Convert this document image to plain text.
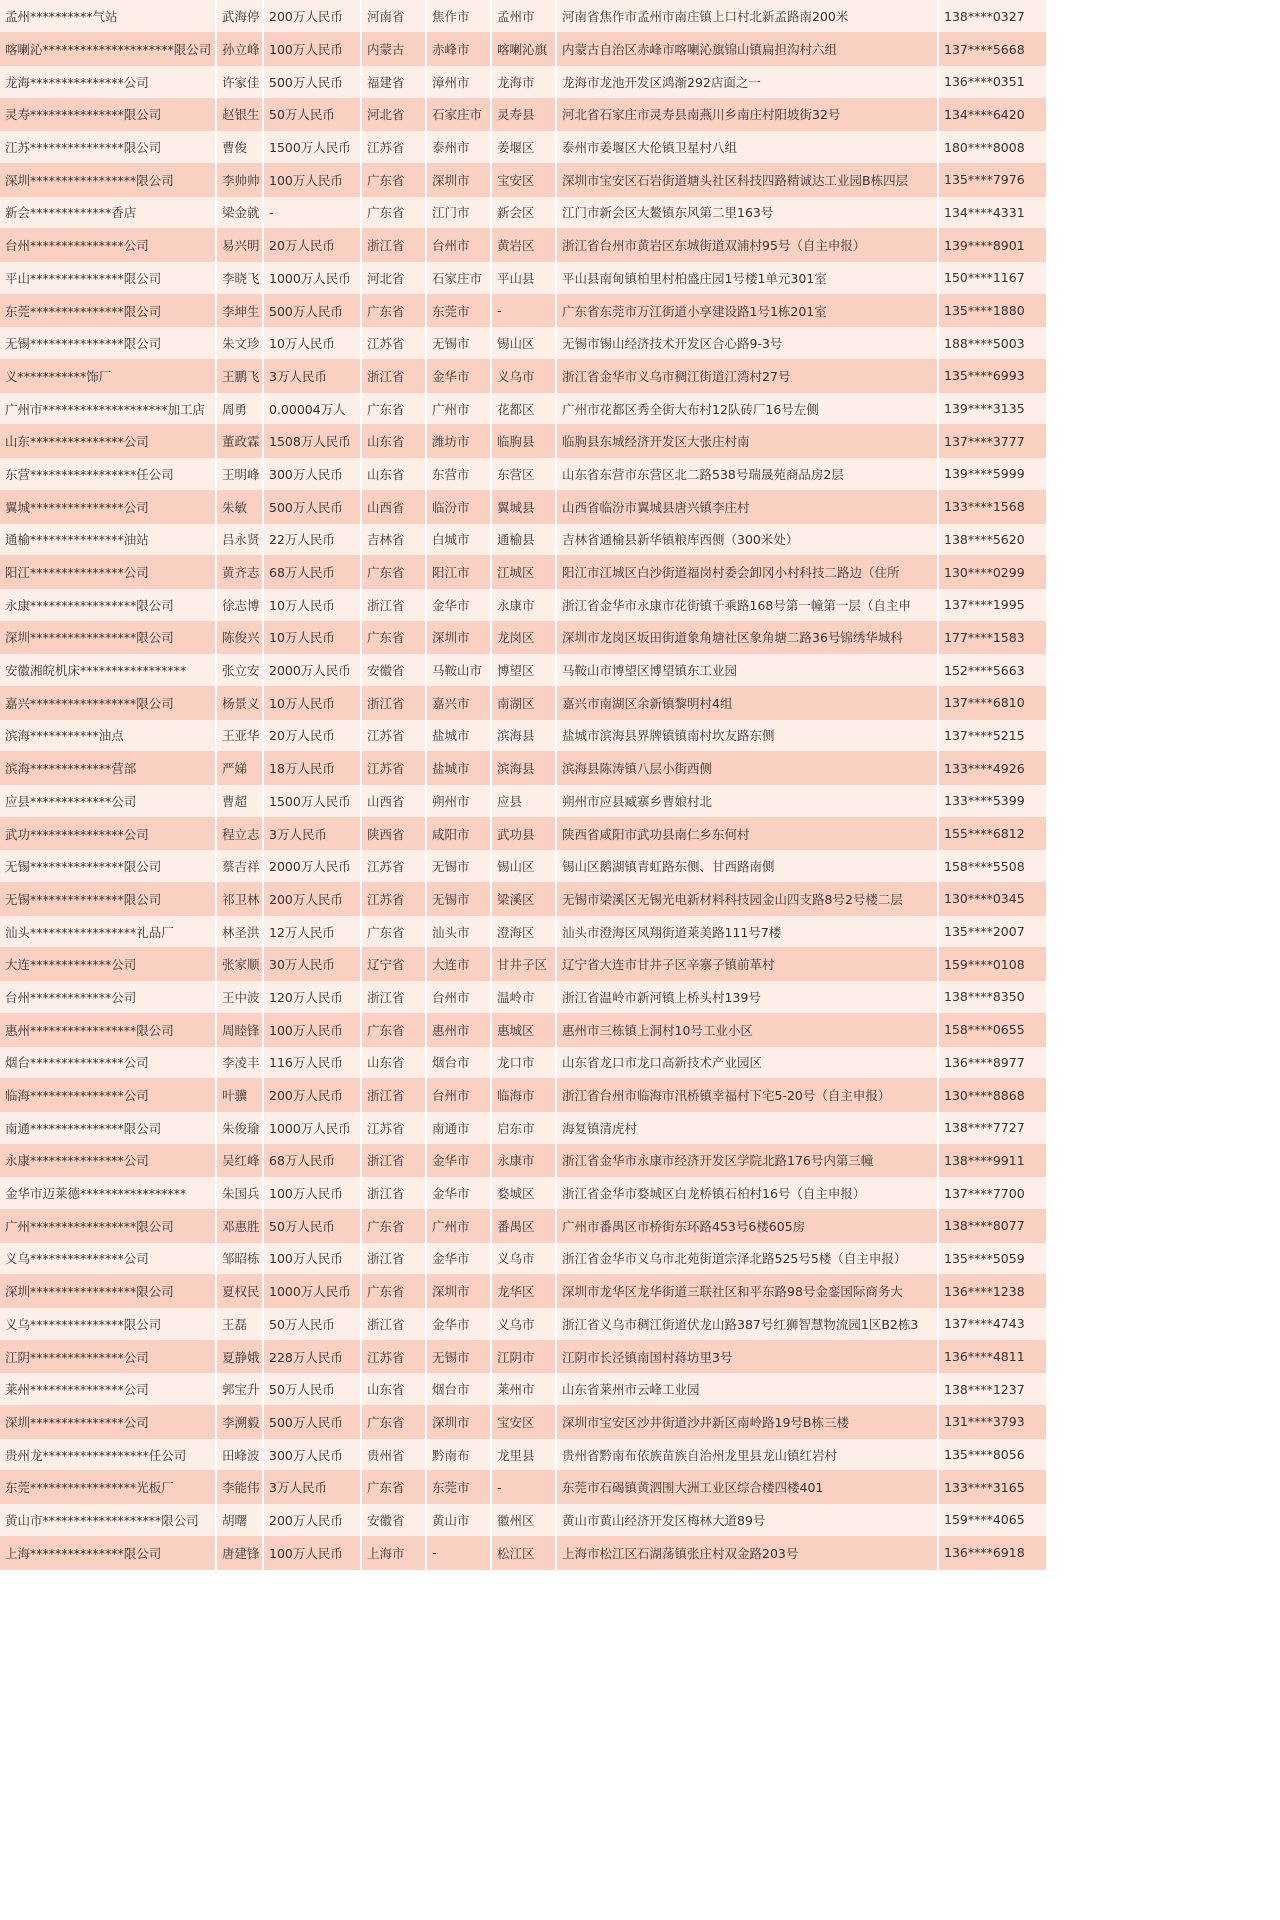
孟州**********气站	武海停	200万人民币	河南省	焦作市	孟州市	河南省焦作市孟州市南庄镇上口村北新孟路南200米	138****0327
喀喇沁*********************限公司	孙立峰	100万人民币	内蒙古	赤峰市	喀喇沁旗	内蒙古自治区赤峰市喀喇沁旗锦山镇扁担沟村六组	137****5668
龙海***************公司	许家佳	500万人民币	福建省	漳州市	龙海市	龙海市龙池开发区鸿渐292店面之一	136****0351
灵寿***************限公司	赵银生	50万人民币	河北省	石家庄市	灵寿县	河北省石家庄市灵寿县南燕川乡南庄村阳坡街32号	134****6420
江苏***************限公司	曹俊	1500万人民币	江苏省	泰州市	姜堰区	泰州市姜堰区大伦镇卫星村八组	180****8008
深圳*****************限公司	李帅帅	100万人民币	广东省	深圳市	宝安区	深圳市宝安区石岩街道塘头社区科技四路精诚达工业园B栋四层	135****7976
新会*************香店	梁金就	-	广东省	江门市	新会区	江门市新会区大鳌镇东风第二里163号	134****4331
台州***************公司	易兴明	20万人民币	浙江省	台州市	黄岩区	浙江省台州市黄岩区东城街道双浦村95号（自主申报）	139****8901
平山***************限公司	李晓飞	1000万人民币	河北省	石家庄市	平山县	平山县南甸镇柏里村柏盛庄园1号楼1单元301室	150****1167
东莞***************限公司	李坤生	500万人民币	广东省	东莞市	-	广东省东莞市万江街道小享建设路1号1栋201室	135****1880
无锡***************限公司	朱文珍	10万人民币	江苏省	无锡市	锡山区	无锡市锡山经济技术开发区合心路9-3号	188****5003
义***********饰厂	王鹏飞	3万人民币	浙江省	金华市	义乌市	浙江省金华市义乌市稠江街道江湾村27号	135****6993
广州市********************加工店	周勇	0.00004万人	广东省	广州市	花都区	广州市花都区秀全街大布村12队砖厂16号左侧	139****3135
山东***************公司	董政霖	1508万人民币	山东省	潍坊市	临朐县	临朐县东城经济开发区大张庄村南	137****3777
东营*****************任公司	王明峰	300万人民币	山东省	东营市	东营区	山东省东营市东营区北二路538号瑞晟苑商品房2层	139****5999
翼城***************公司	朱敏	500万人民币	山西省	临汾市	翼城县	山西省临汾市翼城县唐兴镇李庄村	133****1568
通榆***************油站	吕永贤	22万人民币	吉林省	白城市	通榆县	吉林省通榆县新华镇粮库西侧（300米处）	138****5620
阳江***************公司	黄齐志	68万人民币	广东省	阳江市	江城区	阳江市江城区白沙街道福岗村委会卸冈小村科技二路边（住所	130****0299
永康*****************限公司	徐志博	10万人民币	浙江省	金华市	永康市	浙江省金华市永康市花街镇千乘路168号第一幢第一层（自主申	137****1995
深圳*****************限公司	陈俊兴	10万人民币	广东省	深圳市	龙岗区	深圳市龙岗区坂田街道象角塘社区象角塘二路36号锦绣华城科	177****1583
安徽湘皖机床*****************	张立安	2000万人民币	安徽省	马鞍山市	博望区	马鞍山市博望区博望镇东工业园	152****5663
嘉兴*****************限公司	杨景义	10万人民币	浙江省	嘉兴市	南湖区	嘉兴市南湖区余新镇黎明村4组	137****6810
滨海***********油点	王亚华	20万人民币	江苏省	盐城市	滨海县	盐城市滨海县界牌镇镇南村坎友路东侧	137****5215
滨海*************营部	严娣	18万人民币	江苏省	盐城市	滨海县	滨海县陈涛镇八层小街西侧	133****4926
应县*************公司	曹超	1500万人民币	山西省	朔州市	应县	朔州市应县臧寨乡曹娘村北	133****5399
武功***************公司	程立志	3万人民币	陕西省	咸阳市	武功县	陕西省咸阳市武功县南仁乡东何村	155****6812
无锡***************限公司	蔡吉祥	2000万人民币	江苏省	无锡市	锡山区	锡山区鹅湖镇青虹路东侧、甘西路南侧	158****5508
无锡***************限公司	祁卫林	200万人民币	江苏省	无锡市	梁溪区	无锡市梁溪区无锡光电新材料科技园金山四支路8号2号楼二层	130****0345
汕头*****************礼品厂	林圣洪	12万人民币	广东省	汕头市	澄海区	汕头市澄海区凤翔街道莱美路111号7楼	135****2007
大连*************公司	张家顺	30万人民币	辽宁省	大连市	甘井子区	辽宁省大连市甘井子区辛寨子镇前革村	159****0108
台州*************公司	王中波	120万人民币	浙江省	台州市	温岭市	浙江省温岭市新河镇上桥头村139号	138****8350
惠州*****************限公司	周睦锋	100万人民币	广东省	惠州市	惠城区	惠州市三栋镇上洞村10号工业小区	158****0655
烟台***************公司	李凌丰	116万人民币	山东省	烟台市	龙口市	山东省龙口市龙口高新技术产业园区	136****8977
临海***************公司	叶骥	200万人民币	浙江省	台州市	临海市	浙江省台州市临海市汛桥镇幸福村下宅5-20号（自主申报）	130****8868
南通***************限公司	朱俊瑜	1000万人民币	江苏省	南通市	启东市	海复镇清虎村	138****7727
永康***************公司	吴红峰	68万人民币	浙江省	金华市	永康市	浙江省金华市永康市经济开发区学院北路176号内第三幢	138****9911
金华市迈莱德*****************	朱国兵	100万人民币	浙江省	金华市	婺城区	浙江省金华市婺城区白龙桥镇石柏村16号（自主申报）	137****7700
广州*****************限公司	邓惠胜	50万人民币	广东省	广州市	番禺区	广州市番禺区市桥街东环路453号6楼605房	138****8077
义乌***************公司	邹昭栋	100万人民币	浙江省	金华市	义乌市	浙江省金华市义乌市北苑街道宗泽北路525号5楼（自主申报）	135****5059
深圳*****************限公司	夏权民	1000万人民币	广东省	深圳市	龙华区	深圳市龙华区龙华街道三联社区和平东路98号金銮国际商务大	136****1238
义乌***************限公司	王磊	50万人民币	浙江省	金华市	义乌市	浙江省义乌市稠江街道伏龙山路387号红狮智慧物流园1区B2栋3	137****4743
江阴***************公司	夏静娥	228万人民币	江苏省	无锡市	江阴市	江阴市长泾镇南国村蒋坊里3号	136****4811
莱州***************公司	郭宝升	50万人民币	山东省	烟台市	莱州市	山东省莱州市云峰工业园	138****1237
深圳***************公司	李溯毅	500万人民币	广东省	深圳市	宝安区	深圳市宝安区沙井街道沙井新区南岭路19号B栋三楼	131****3793
贵州龙*****************任公司	田峰波	300万人民币	贵州省	黔南布	龙里县	贵州省黔南布依族苗族自治州龙里县龙山镇红岩村	135****8056
东莞*****************光板厂	李能伟	3万人民币	广东省	东莞市	-	东莞市石碣镇黄泗围大洲工业区综合楼四楼401	133****3165
黄山市*******************限公司	胡曙	200万人民币	安徽省	黄山市	徽州区	黄山市黄山经济开发区梅林大道89号	159****4065
上海***************限公司	唐建锋	100万人民币	上海市	-	松江区	上海市松江区石湖荡镇张庄村双金路203号	136****6918
